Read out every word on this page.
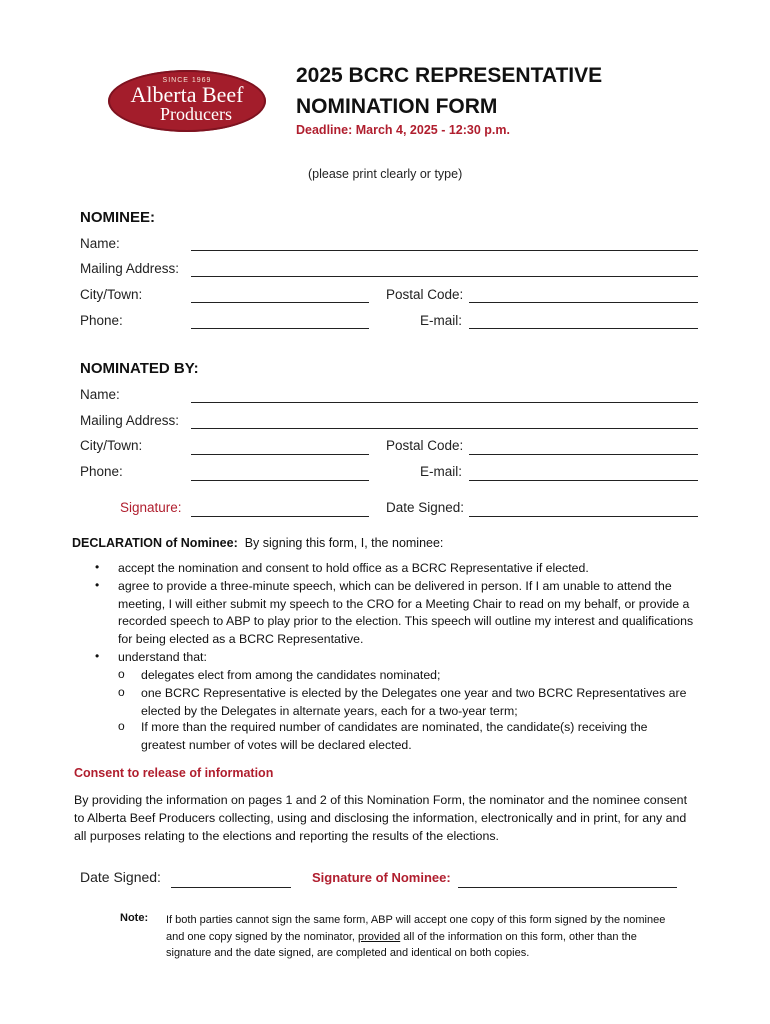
SINCE 1969
Alberta Beef
Producers
2025 BCRC REPRESENTATIVE
NOMINATION FORM
Deadline: March 4, 2025 - 12:30 p.m.
(please print clearly or type)
NOMINEE:
Name:
Mailing Address:
City/Town:	Postal Code:
Phone:	E-mail:
NOMINATED BY:
Name:
Mailing Address:
City/Town:	Postal Code:
Phone:	E-mail:
Signature:	Date Signed:
DECLARATION of Nominee: By signing this form, I, the nominee:
• accept the nomination and consent to hold office as a BCRC Representative if elected.
• agree to provide a three-minute speech, which can be delivered in person. If I am unable to attend the meeting, I will either submit my speech to the CRO for a Meeting Chair to read on my behalf, or provide a recorded speech to ABP to play prior to the election. This speech will outline my interest and qualifications for being elected as a BCRC Representative.
• understand that:
o delegates elect from among the candidates nominated;
o one BCRC Representative is elected by the Delegates one year and two BCRC Representatives are elected by the Delegates in alternate years, each for a two-year term;
o If more than the required number of candidates are nominated, the candidate(s) receiving the greatest number of votes will be declared elected.
Consent to release of information
By providing the information on pages 1 and 2 of this Nomination Form, the nominator and the nominee consent to Alberta Beef Producers collecting, using and disclosing the information, electronically and in print, for any and all purposes relating to the elections and reporting the results of the elections.
Date Signed:	Signature of Nominee:
Note: If both parties cannot sign the same form, ABP will accept one copy of this form signed by the nominee and one copy signed by the nominator, provided all of the information on this form, other than the signature and the date signed, are completed and identical on both copies.
